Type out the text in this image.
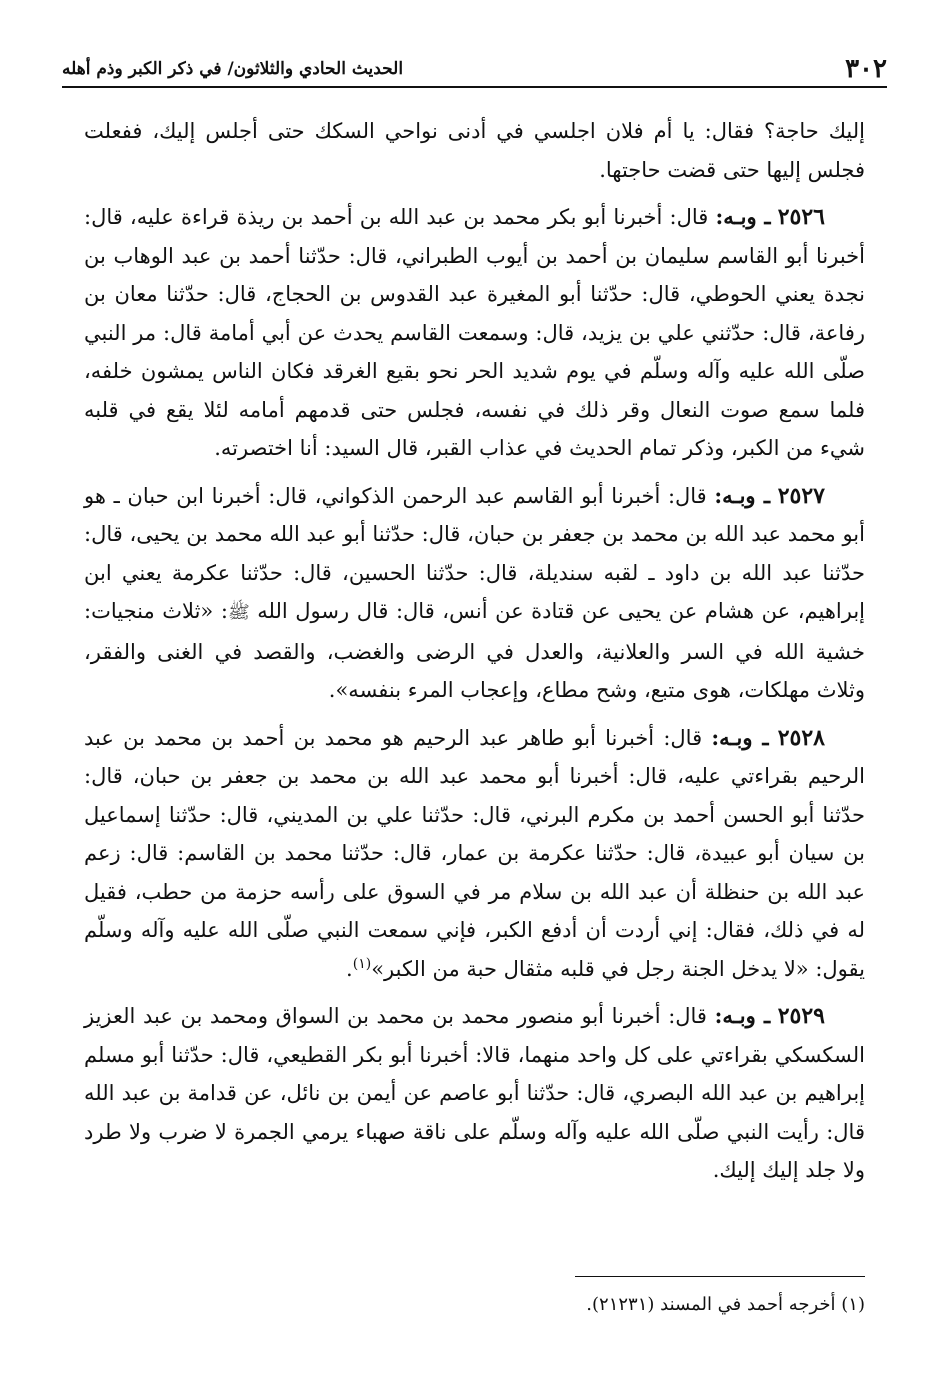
٣٠٢
الحديث الحادي والثلاثون/ في ذكر الكبر وذم أهله

إليك حاجة؟ فقال: يا أم فلان اجلسي في أدنى نواحي السكك حتى أجلس إليك، ففعلت فجلس إليها حتى قضت حاجتها.

٢٥٢٦ ـ وبـه: قال: أخبرنا أبو بكر محمد بن عبد الله بن أحمد بن ريذة قراءة عليه، قال: أخبرنا أبو القاسم سليمان بن أحمد بن أيوب الطبراني، قال: حدّثنا أحمد بن عبد الوهاب بن نجدة يعني الحوطي، قال: حدّثنا أبو المغيرة عبد القدوس بن الحجاج، قال: حدّثنا معان بن رفاعة، قال: حدّثني علي بن يزيد، قال: وسمعت القاسم يحدث عن أبي أمامة قال: مر النبي صلّى الله عليه وآله وسلّم في يوم شديد الحر نحو بقيع الغرقد فكان الناس يمشون خلفه، فلما سمع صوت النعال وقر ذلك في نفسه، فجلس حتى قدمهم أمامه لئلا يقع في قلبه شيء من الكبر، وذكر تمام الحديث في عذاب القبر، قال السيد: أنا اختصرته.

٢٥٢٧ ـ وبـه: قال: أخبرنا أبو القاسم عبد الرحمن الذكواني، قال: أخبرنا ابن حبان ـ هو أبو محمد عبد الله بن محمد بن جعفر بن حبان، قال: حدّثنا أبو عبد الله محمد بن يحيى، قال: حدّثنا عبد الله بن داود ـ لقبه سنديلة، قال: حدّثنا الحسين، قال: حدّثنا عكرمة يعني ابن إبراهيم، عن هشام عن يحيى عن قتادة عن أنس، قال: قال رسول الله ﷺ: «ثلاث منجيات: خشية الله في السر والعلانية، والعدل في الرضى والغضب، والقصد في الغنى والفقر، وثلاث مهلكات، هوى متبع، وشح مطاع، وإعجاب المرء بنفسه».

٢٥٢٨ ـ وبـه: قال: أخبرنا أبو طاهر عبد الرحيم هو محمد بن أحمد بن محمد بن عبد الرحيم بقراءتي عليه، قال: أخبرنا أبو محمد عبد الله بن محمد بن جعفر بن حبان، قال: حدّثنا أبو الحسن أحمد بن مكرم البرني، قال: حدّثنا علي بن المديني، قال: حدّثنا إسماعيل بن سيان أبو عبيدة، قال: حدّثنا عكرمة بن عمار، قال: حدّثنا محمد بن القاسم: قال: زعم عبد الله بن حنظلة أن عبد الله بن سلام مر في السوق على رأسه حزمة من حطب، فقيل له في ذلك، فقال: إني أردت أن أدفع الكبر، فإني سمعت النبي صلّى الله عليه وآله وسلّم يقول: «لا يدخل الجنة رجل في قلبه مثقال حبة من الكبر»$^{(١)}$.

٢٥٢٩ ـ وبـه: قال: أخبرنا أبو منصور محمد بن محمد بن السواق ومحمد بن عبد العزيز السكسكي بقراءتي على كل واحد منهما، قالا: أخبرنا أبو بكر القطيعي، قال: حدّثنا أبو مسلم إبراهيم بن عبد الله البصري، قال: حدّثنا أبو عاصم عن أيمن بن نائل، عن قدامة بن عبد الله قال: رأيت النبي صلّى الله عليه وآله وسلّم على ناقة صهباء يرمي الجمرة لا ضرب ولا طرد ولا جلد إليك إليك.

(١) أخرجه أحمد في المسند (٢١٢٣١).
